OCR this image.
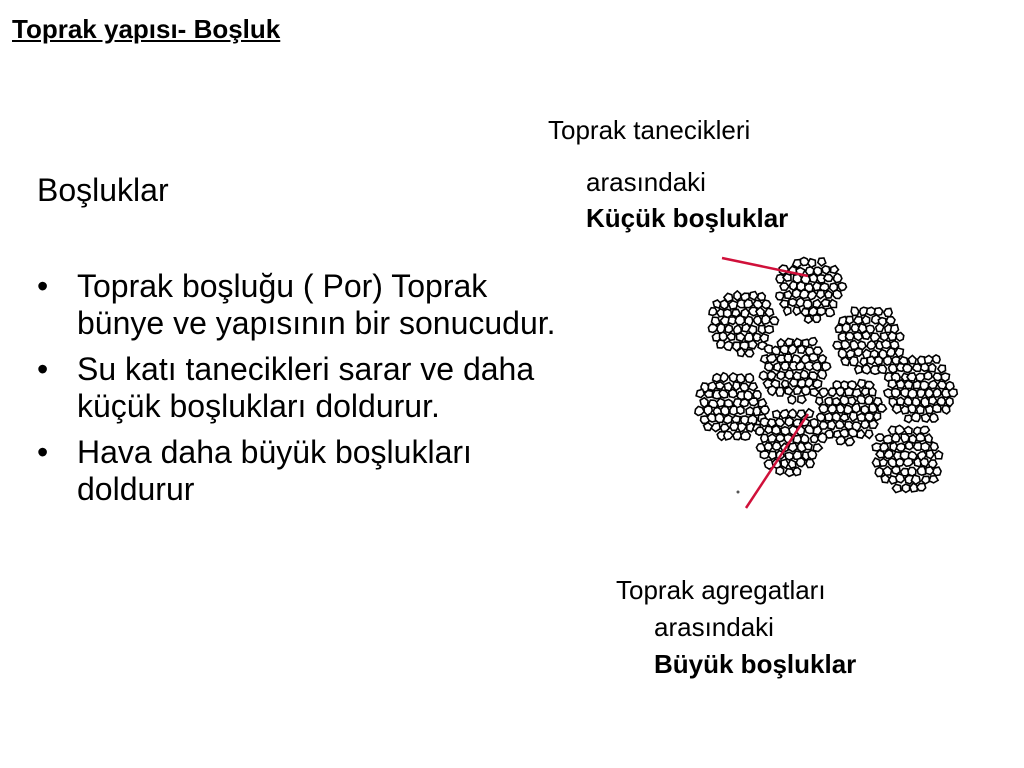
Toprak yapısı- Boşluk
Boşluklar
• Toprak boşluğu ( Por) Toprak bünye ve yapısının bir sonucudur.
• Su katı tanecikleri sarar ve daha küçük boşlukları doldurur.
• Hava daha büyük boşlukları doldurur
Toprak tanecikleri
arasındaki
Küçük boşluklar
Toprak agregatları
arasındaki
Büyük boşluklar
